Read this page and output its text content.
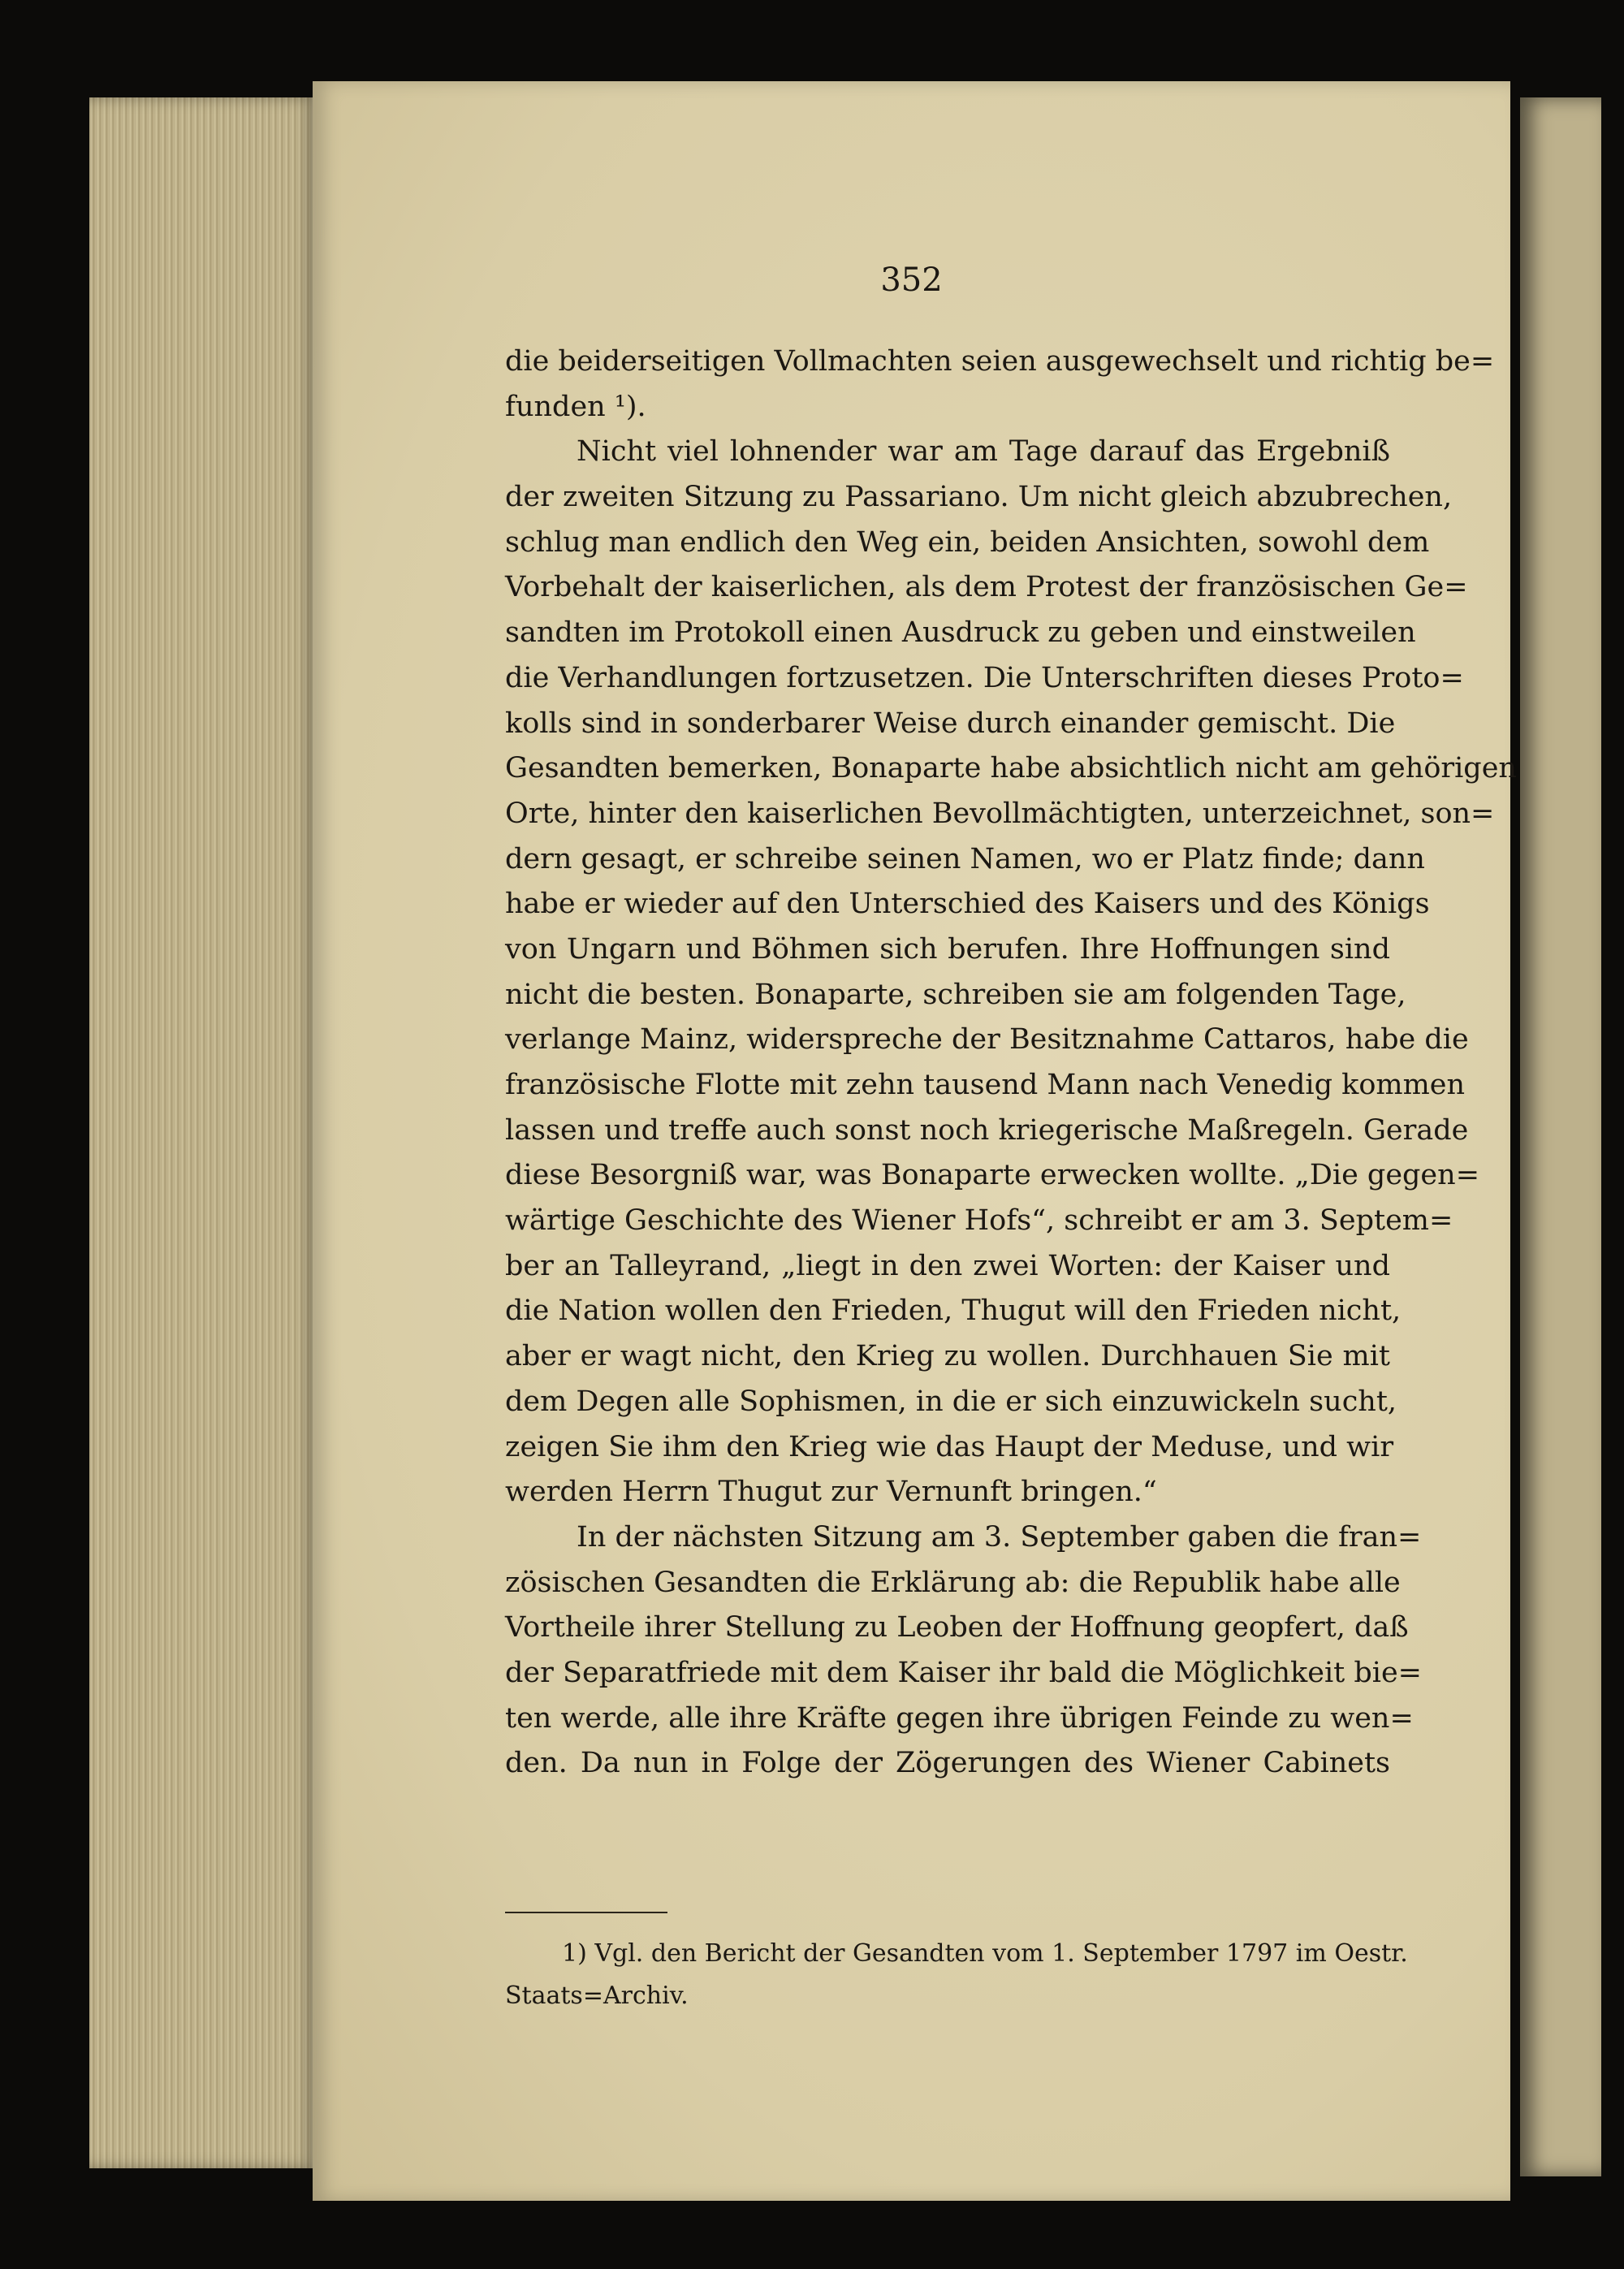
352
die beiderseitigen Vollmachten seien ausgewechselt und richtig be=
funden ¹).
Nicht viel lohnender war am Tage darauf das Ergebniß
der zweiten Sitzung zu Passariano. Um nicht gleich abzubrechen,
schlug man endlich den Weg ein, beiden Ansichten, sowohl dem
Vorbehalt der kaiserlichen, als dem Protest der französischen Ge=
sandten im Protokoll einen Ausdruck zu geben und einstweilen
die Verhandlungen fortzusetzen. Die Unterschriften dieses Proto=
kolls sind in sonderbarer Weise durch einander gemischt. Die
Gesandten bemerken, Bonaparte habe absichtlich nicht am gehörigen
Orte, hinter den kaiserlichen Bevollmächtigten, unterzeichnet, son=
dern gesagt, er schreibe seinen Namen, wo er Platz finde; dann
habe er wieder auf den Unterschied des Kaisers und des Königs
von Ungarn und Böhmen sich berufen. Ihre Hoffnungen sind
nicht die besten. Bonaparte, schreiben sie am folgenden Tage,
verlange Mainz, widerspreche der Besitznahme Cattaros, habe die
französische Flotte mit zehn tausend Mann nach Venedig kommen
lassen und treffe auch sonst noch kriegerische Maßregeln. Gerade
diese Besorgniß war, was Bonaparte erwecken wollte. „Die gegen=
wärtige Geschichte des Wiener Hofs“, schreibt er am 3. Septem=
ber an Talleyrand, „liegt in den zwei Worten: der Kaiser und
die Nation wollen den Frieden, Thugut will den Frieden nicht,
aber er wagt nicht, den Krieg zu wollen. Durchhauen Sie mit
dem Degen alle Sophismen, in die er sich einzuwickeln sucht,
zeigen Sie ihm den Krieg wie das Haupt der Meduse, und wir
werden Herrn Thugut zur Vernunft bringen.“
In der nächsten Sitzung am 3. September gaben die fran=
zösischen Gesandten die Erklärung ab: die Republik habe alle
Vortheile ihrer Stellung zu Leoben der Hoffnung geopfert, daß
der Separatfriede mit dem Kaiser ihr bald die Möglichkeit bie=
ten werde, alle ihre Kräfte gegen ihre übrigen Feinde zu wen=
den. Da nun in Folge der Zögerungen des Wiener Cabinets
1) Vgl. den Bericht der Gesandten vom 1. September 1797 im Oestr.
Staats=Archiv.
